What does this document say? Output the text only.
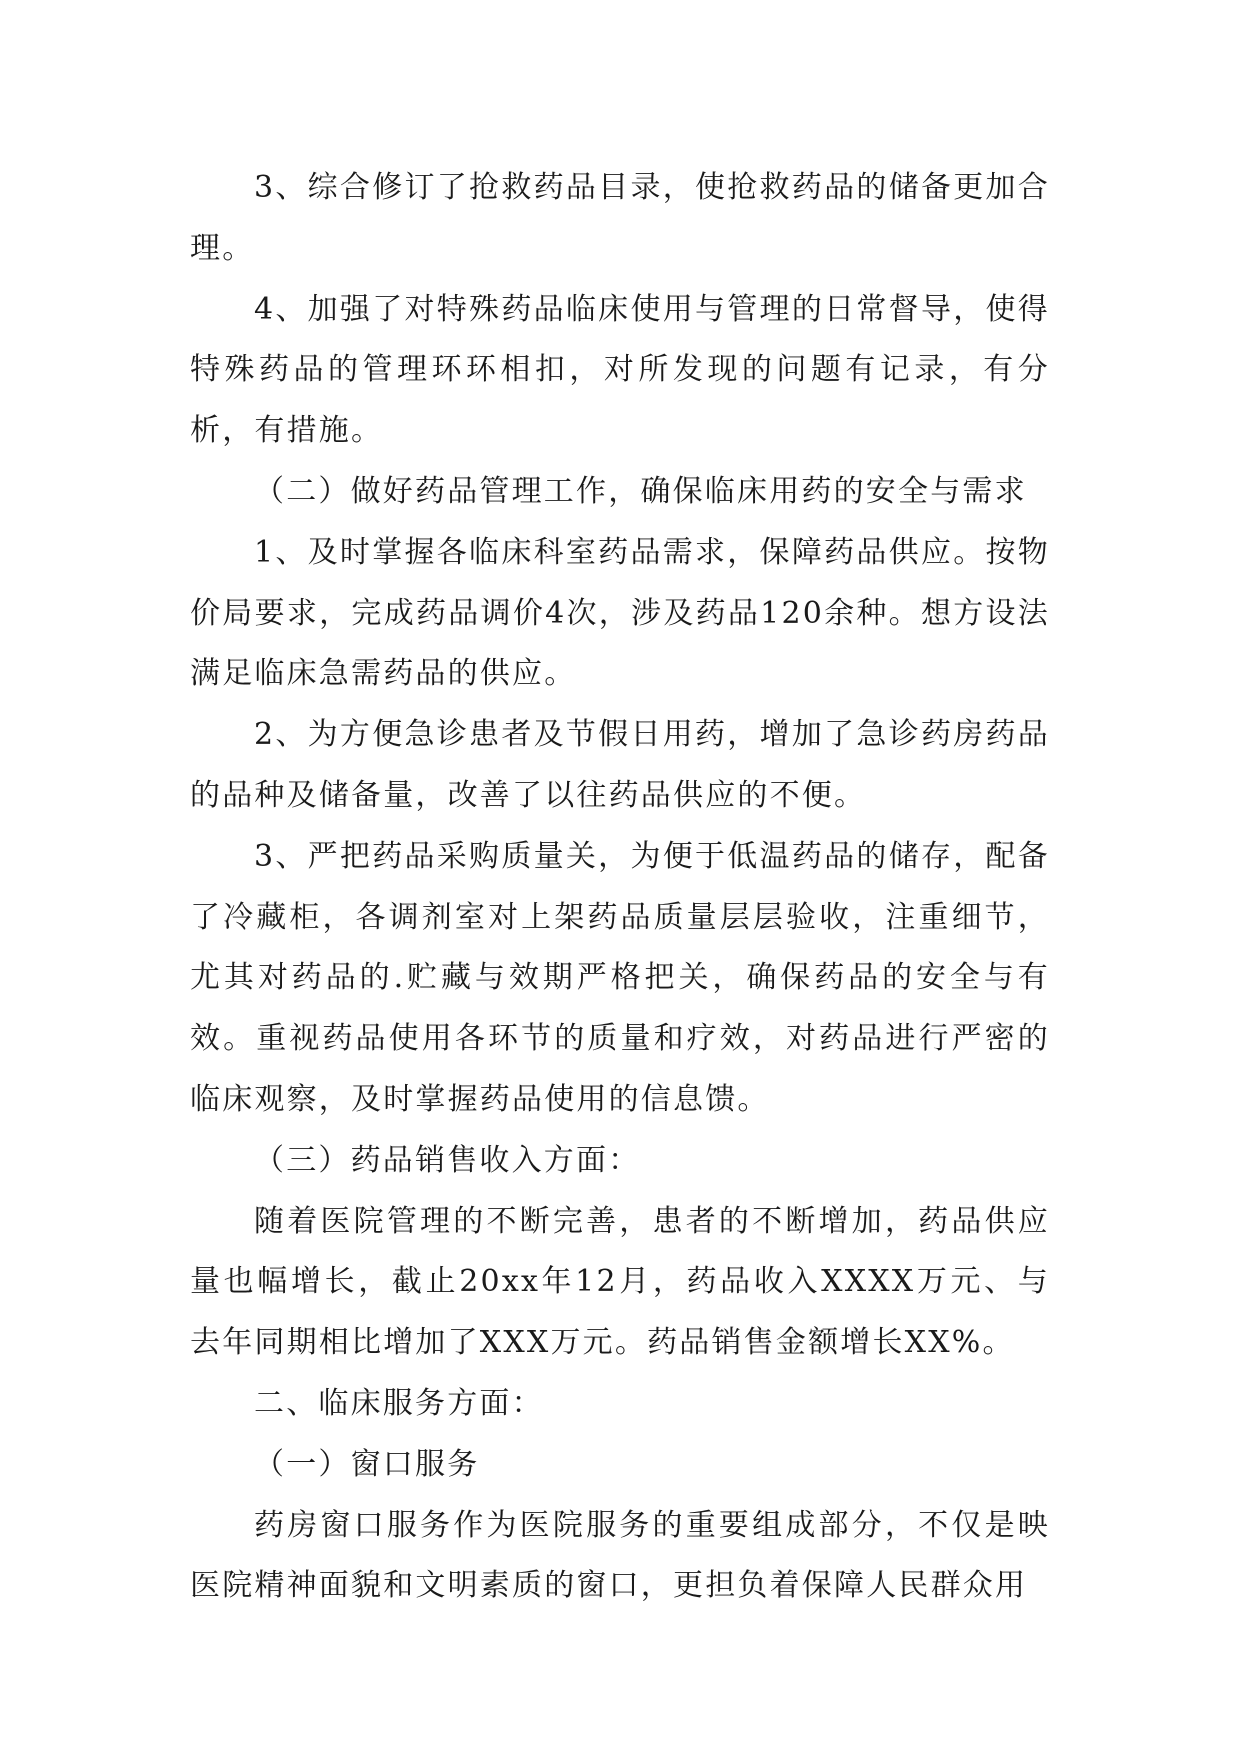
3、综合修订了抢救药品目录，使抢救药品的储备更加合理。

4、加强了对特殊药品临床使用与管理的日常督导，使得特殊药品的管理环环相扣，对所发现的问题有记录，有分析，有措施。

（二）做好药品管理工作，确保临床用药的安全与需求

1、及时掌握各临床科室药品需求，保障药品供应。按物价局要求，完成药品调价4次，涉及药品120余种。想方设法满足临床急需药品的供应。

2、为方便急诊患者及节假日用药，增加了急诊药房药品的品种及储备量，改善了以往药品供应的不便。

3、严把药品采购质量关，为便于低温药品的储存，配备了冷藏柜，各调剂室对上架药品质量层层验收，注重细节，尤其对药品的.贮藏与效期严格把关，确保药品的安全与有效。重视药品使用各环节的质量和疗效，对药品进行严密的临床观察，及时掌握药品使用的信息馈。

（三）药品销售收入方面：

随着医院管理的不断完善，患者的不断增加，药品供应量也幅增长，截止20xx年12月，药品收入XXXX万元、与去年同期相比增加了XXX万元。药品销售金额增长XX%。

二、临床服务方面：

（一）窗口服务

药房窗口服务作为医院服务的重要组成部分，不仅是映医院精神面貌和文明素质的窗口，更担负着保障人民群众用
